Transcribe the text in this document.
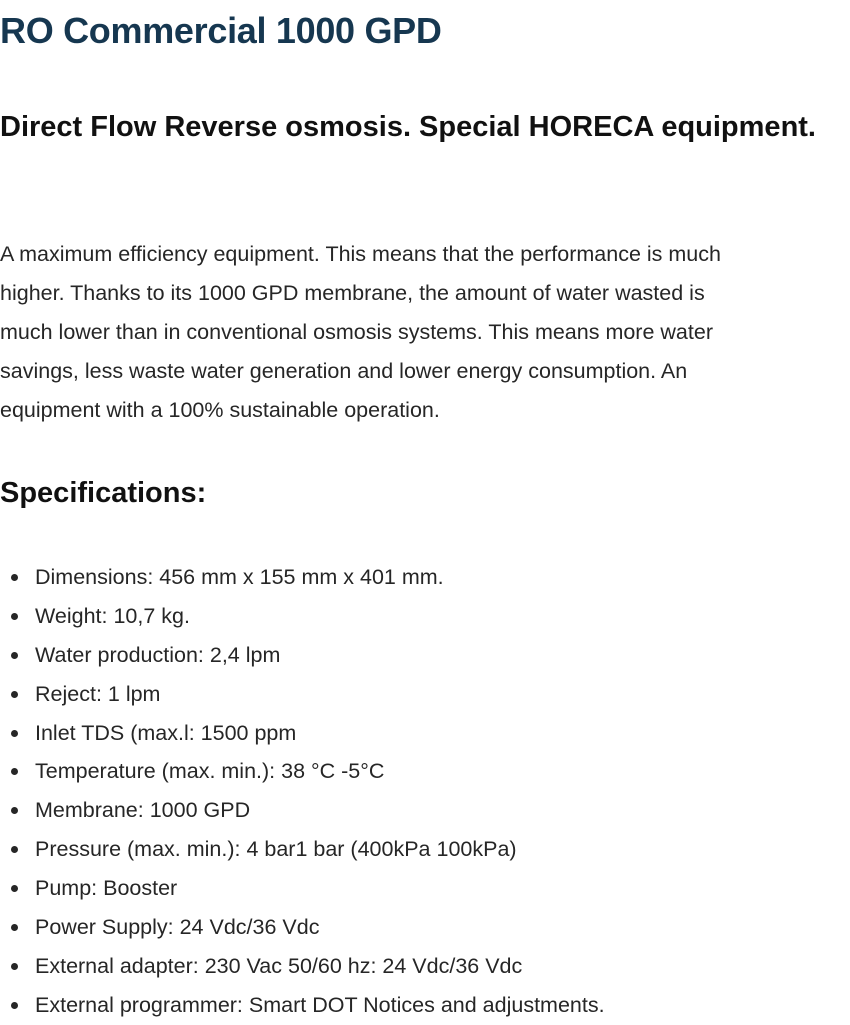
RO Commercial 1000 GPD
Direct Flow Reverse osmosis. Special HORECA equipment.

A maximum efficiency equipment. This means that the performance is much
higher. Thanks to its 1000 GPD membrane, the amount of water wasted is
much lower than in conventional osmosis systems. This means more water
savings, less waste water generation and lower energy consumption. An
equipment with a 100% sustainable operation.

Specifications:
Dimensions: 456 mm x 155 mm x 401 mm.
Weight: 10,7 kg.
Water production: 2,4 lpm
Reject: 1 lpm
Inlet TDS (max.l: 1500 ppm
Temperature (max. min.): 38 °C -5°C
Membrane: 1000 GPD
Pressure (max. min.): 4 bar1 bar (400kPa 100kPa)
Pump: Booster
Power Supply: 24 Vdc/36 Vdc
External adapter: 230 Vac 50/60 hz: 24 Vdc/36 Vdc
External programmer: Smart DOT Notices and adjustments.
